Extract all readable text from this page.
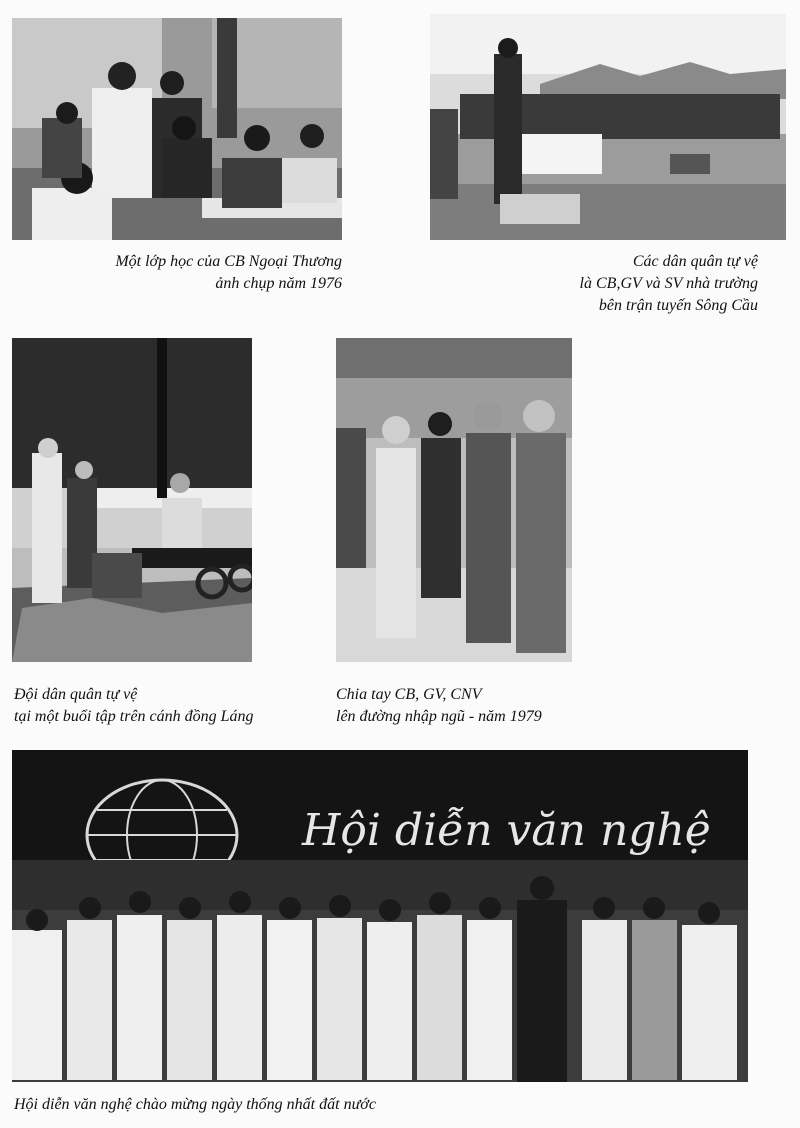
Một lớp học của CB Ngoại Thương
ảnh chụp năm 1976

Các dân quân tự vệ
là CB,GV và SV nhà trường
bên trận tuyến Sông Cầu

Đội dân quân tự vệ
tại một buổi tập trên cánh đồng Láng

Chia tay CB, GV, CNV
lên đường nhập ngũ - năm 1979

Hội diễn văn nghệ

Hội diễn văn nghệ chào mừng ngày thống nhất đất nước
